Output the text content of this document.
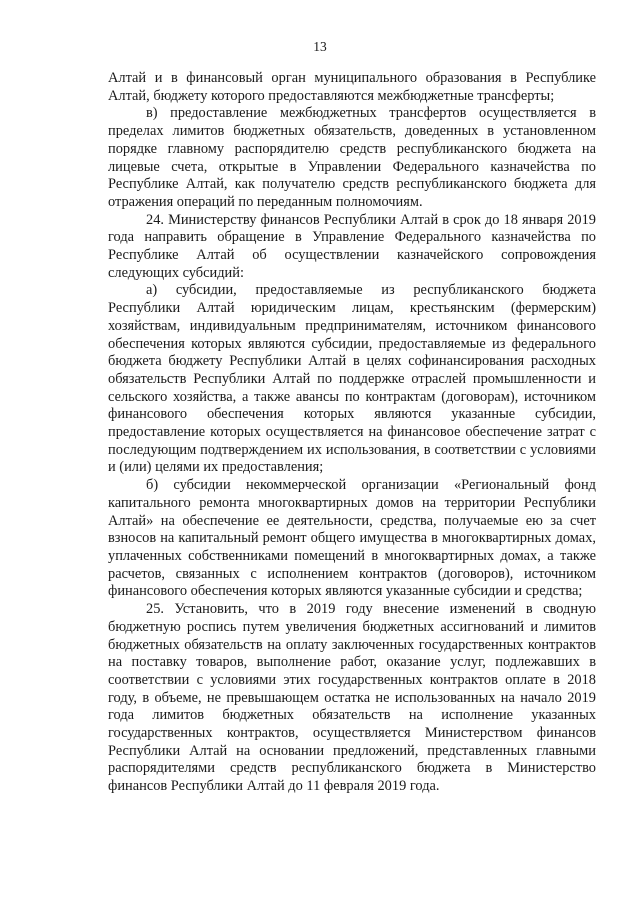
13

Алтай и в финансовый орган муниципального образования в Республике Алтай, бюджету которого предоставляются межбюджетные трансферты;

в) предоставление межбюджетных трансфертов осуществляется в пределах лимитов бюджетных обязательств, доведенных в установленном порядке главному распорядителю средств республиканского бюджета на лицевые счета, открытые в Управлении Федерального казначейства по Республике Алтай, как получателю средств республиканского бюджета для отражения операций по переданным полномочиям.

24. Министерству финансов Республики Алтай в срок до 18 января 2019 года направить обращение в Управление Федерального казначейства по Республике Алтай об осуществлении казначейского сопровождения следующих субсидий:

а) субсидии, предоставляемые из республиканского бюджета Республики Алтай юридическим лицам, крестьянским (фермерским) хозяйствам, индивидуальным предпринимателям, источником финансового обеспечения которых являются субсидии, предоставляемые из федерального бюджета бюджету Республики Алтай в целях софинансирования расходных обязательств Республики Алтай по поддержке отраслей промышленности и сельского хозяйства, а также авансы по контрактам (договорам), источником финансового обеспечения которых являются указанные субсидии, предоставление которых осуществляется на финансовое обеспечение затрат с последующим подтверждением их использования, в соответствии с условиями и (или) целями их предоставления;

б) субсидии некоммерческой организации «Региональный фонд капитального ремонта многоквартирных домов на территории Республики Алтай» на обеспечение ее деятельности, средства, получаемые ею за счет взносов на капитальный ремонт общего имущества в многоквартирных домах, уплаченных собственниками помещений в многоквартирных домах, а также расчетов, связанных с исполнением контрактов (договоров), источником финансового обеспечения которых являются указанные субсидии и средства;

25. Установить, что в 2019 году внесение изменений в сводную бюджетную роспись путем увеличения бюджетных ассигнований и лимитов бюджетных обязательств на оплату заключенных государственных контрактов на поставку товаров, выполнение работ, оказание услуг, подлежавших в соответствии с условиями этих государственных контрактов оплате в 2018 году, в объеме, не превышающем остатка не использованных на начало 2019 года лимитов бюджетных обязательств на исполнение указанных государственных контрактов, осуществляется Министерством финансов Республики Алтай на основании предложений, представленных главными распорядителями средств республиканского бюджета в Министерство финансов Республики Алтай до 11 февраля 2019 года.
